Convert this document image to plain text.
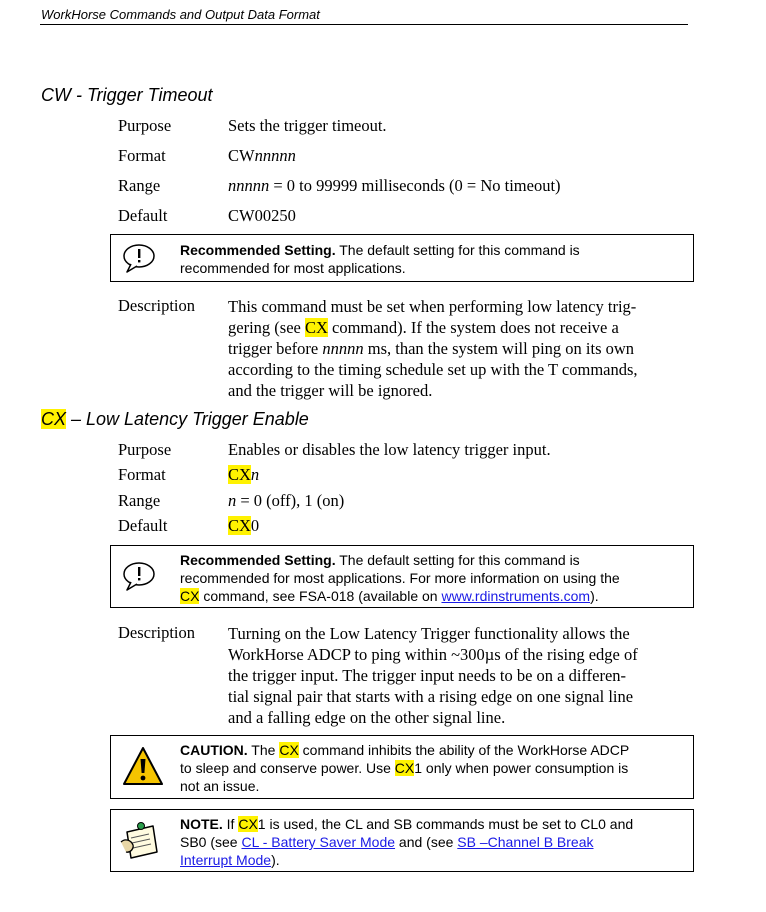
WorkHorse Commands and Output Data Format
CW - Trigger Timeout
Purpose	Sets the trigger timeout.
Format	CWnnnnn
Range	nnnnn = 0 to 99999 milliseconds (0 = No timeout)
Default	CW00250
Recommended Setting. The default setting for this command is
recommended for most applications.
Description This command must be set when performing low latency trig-
gering (see CX command). If the system does not receive a
trigger before nnnnn ms, than the system will ping on its own
according to the timing schedule set up with the T commands,
and the trigger will be ignored.
CX – Low Latency Trigger Enable
Purpose	Enables or disables the low latency trigger input.
Format	CXn
Range	n = 0 (off), 1 (on)
Default	CX0
Recommended Setting. The default setting for this command is
recommended for most applications. For more information on using the
CX command, see FSA-018 (available on www.rdinstruments.com).
Description Turning on the Low Latency Trigger functionality allows the
WorkHorse ADCP to ping within ~300µs of the rising edge of
the trigger input. The trigger input needs to be on a differen-
tial signal pair that starts with a rising edge on one signal line
and a falling edge on the other signal line.
CAUTION. The CX command inhibits the ability of the WorkHorse ADCP
to sleep and conserve power. Use CX1 only when power consumption is
not an issue.
NOTE. If CX1 is used, the CL and SB commands must be set to CL0 and
SB0 (see CL - Battery Saver Mode and (see SB –Channel B Break
Interrupt Mode).
